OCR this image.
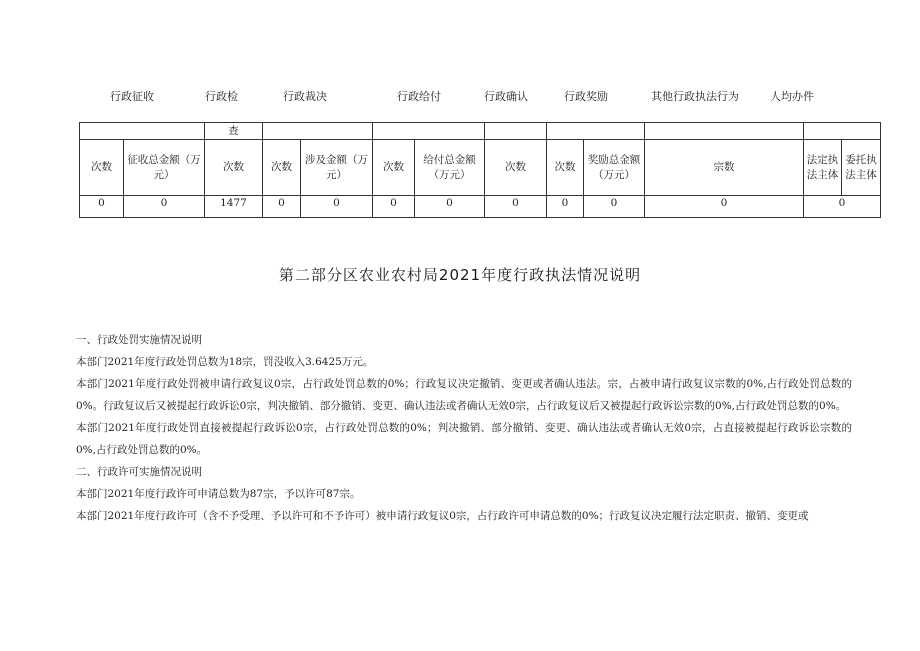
行政征收	行政检	行政裁决	行政给付	行政确认	行政奖励	其他行政执法行为	人均办件
		查										
次数	征收总金额（万元）	次数	次数	涉及金额（万元）	次数	给付总金额（万元）	次数	次数	奖励总金额（万元）	宗数	法定执法主体	委托执法主体
0	0	1477	0	0	0	0	0	0	0	0	0	
第二部分区农业农村局2021年度行政执法情况说明

一、行政处罚实施情况说明

本部门2021年度行政处罚总数为18宗，罚没收入3.6425万元。

本部门2021年度行政处罚被申请行政复议0宗，占行政处罚总数的0%；行政复议决定撤销、变更或者确认违法。宗，占被申请行政复议宗数的0%,占行政处罚总数的0%。行政复议后又被提起行政诉讼0宗，判决撤销、部分撤销、变更、确认违法或者确认无效0宗，占行政复议后又被提起行政诉讼宗数的0%,占行政处罚总数的0%。

本部门2021年度行政处罚直接被提起行政诉讼0宗，占行政处罚总数的0%；判决撤销、部分撤销、变更、确认违法或者确认无效0宗，占直接被提起行政诉讼宗数的0%,占行政处罚总数的0%。

二、行政许可实施情况说明

本部门2021年度行政许可申请总数为87宗，予以许可87宗。

本部门2021年度行政许可（含不予受理、予以许可和不予许可）被申请行政复议0宗，占行政许可申请总数的0%；行政复议决定履行法定职责、撤销、变更或
